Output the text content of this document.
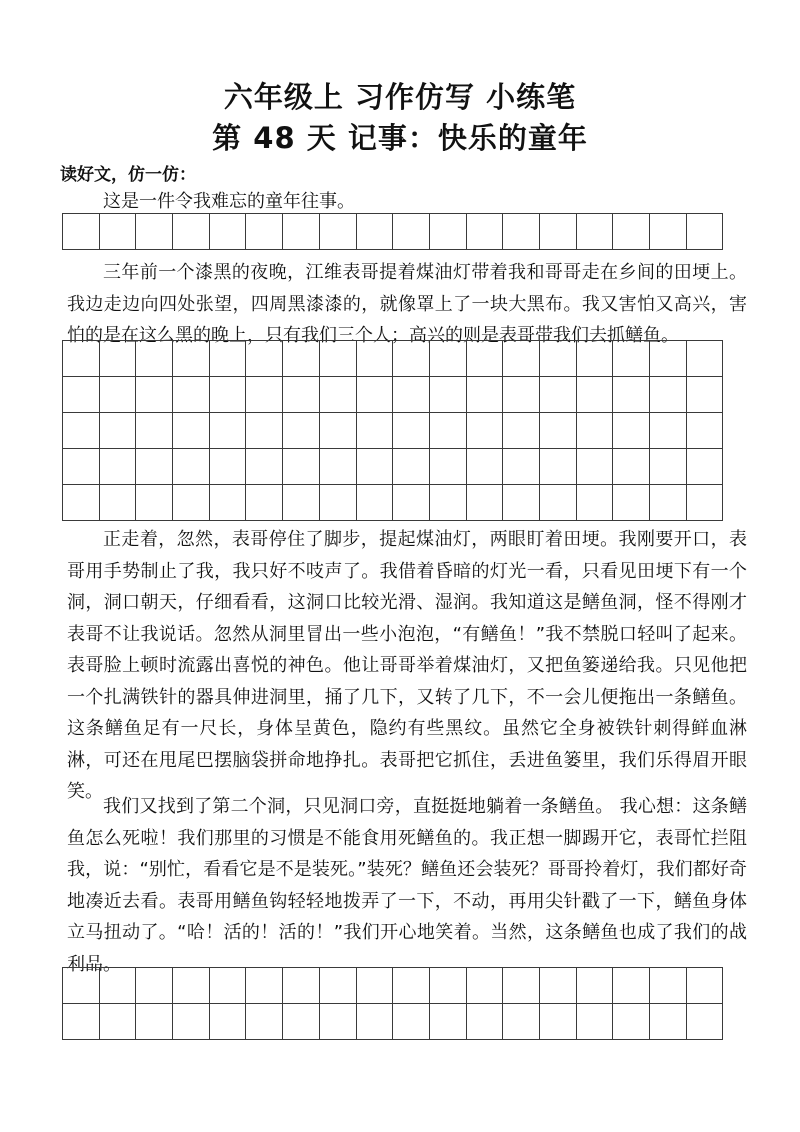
六年级上 习作仿写 小练笔
第 48 天 记事：快乐的童年

读好文，仿一仿：

这是一件令我难忘的童年往事。

三年前一个漆黑的夜晚，江维表哥提着煤油灯带着我和哥哥走在乡间的田埂上。我边走边向四处张望，四周黑漆漆的，就像罩上了一块大黑布。我又害怕又高兴，害怕的是在这么黑的晚上，只有我们三个人；高兴的则是表哥带我们去抓鳝鱼。

正走着，忽然，表哥停住了脚步，提起煤油灯，两眼盯着田埂。我刚要开口，表哥用手势制止了我，我只好不吱声了。我借着昏暗的灯光一看，只看见田埂下有一个洞，洞口朝天，仔细看看，这洞口比较光滑、湿润。我知道这是鳝鱼洞，怪不得刚才表哥不让我说话。忽然从洞里冒出一些小泡泡，“有鳝鱼！”我不禁脱口轻叫了起来。表哥脸上顿时流露出喜悦的神色。他让哥哥举着煤油灯，又把鱼篓递给我。只见他把一个扎满铁针的器具伸进洞里，捅了几下，又转了几下，不一会儿便拖出一条鳝鱼。这条鳝鱼足有一尺长，身体呈黄色，隐约有些黑纹。虽然它全身被铁针刺得鲜血淋淋，可还在甩尾巴摆脑袋拼命地挣扎。表哥把它抓住，丢进鱼篓里，我们乐得眉开眼笑。

我们又找到了第二个洞，只见洞口旁，直挺挺地躺着一条鳝鱼。 我心想：这条鳝鱼怎么死啦！我们那里的习惯是不能食用死鳝鱼的。我正想一脚踢开它，表哥忙拦阻我，说：“别忙，看看它是不是装死。”装死？鳝鱼还会装死？哥哥拎着灯，我们都好奇地凑近去看。表哥用鳝鱼钩轻轻地拨弄了一下，不动，再用尖针戳了一下，鳝鱼身体立马扭动了。“哈！活的！活的！”我们开心地笑着。当然，这条鳝鱼也成了我们的战利品。
